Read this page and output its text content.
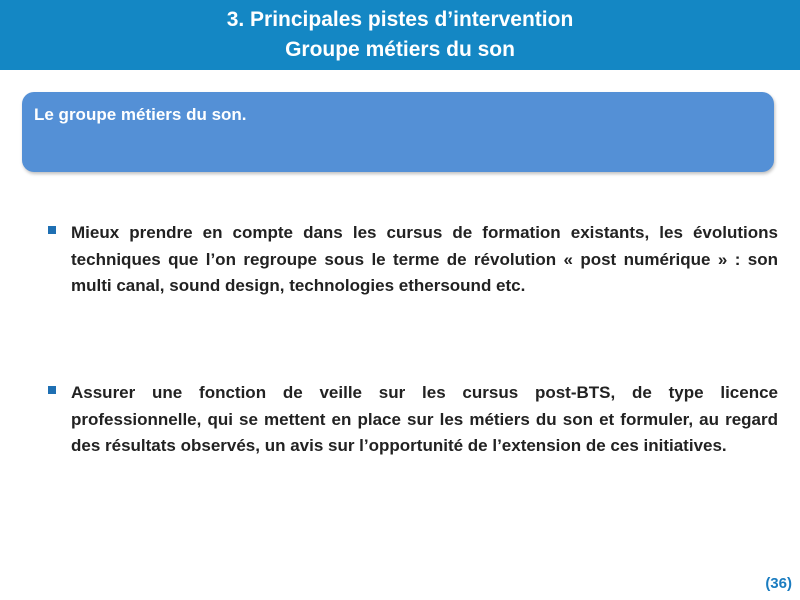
3. Principales pistes d’intervention
Groupe métiers du son
Le groupe métiers du son.

Mieux prendre en compte dans les cursus de formation existants, les évolutions techniques que l’on regroupe sous le terme de révolution « post numérique » : son multi canal, sound design, technologies ethersound etc.

Assurer une fonction de veille sur les cursus post-BTS, de type licence professionnelle, qui se mettent en place sur les métiers du son et formuler, au regard des résultats observés, un avis sur l’opportunité de l’extension de ces initiatives.

(36)
